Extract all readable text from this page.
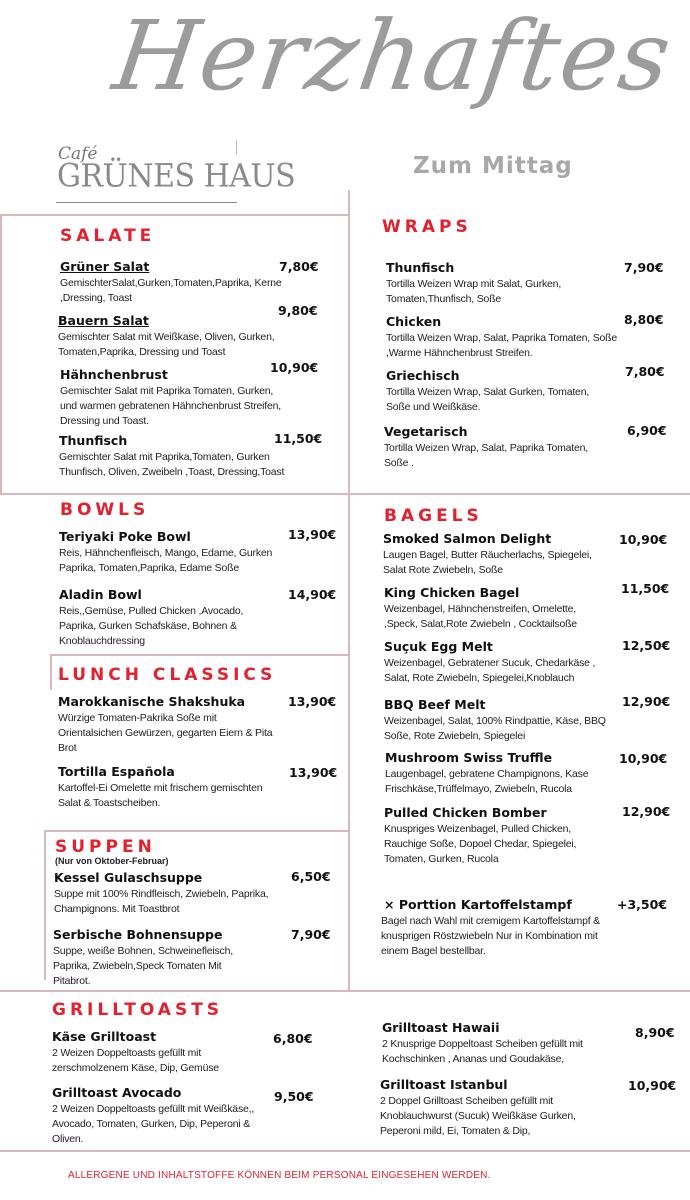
Herzhaftes
Zum Mittag
Café
GRÜNES HAUS
SALATE
BOWLS
LUNCH CLASSICS
SUPPEN
(Nur von Oktober-Februar)
WRAPS
BAGELS
GRILLTOASTS
Grüner Salat
GemischterSalat,Gurken,Tomaten,Paprika, Kerne ,Dressing, Toast
7,80€
Bauern Salat
Gemischter Salat mit Weißkase, Oliven, Gurken, Tomaten,Paprika, Dressing und Toast
9,80€
Hähnchenbrust
Gemischter Salat mit Paprika Tomaten, Gurken, und warmen gebratenen Hähnchenbrust Streifen, Dressing und Toast.
10,90€
Thunfisch
Gemischter Salat mit Paprika,Tomaten, Gurken Thunfisch, Oliven, Zweibeln ,Toast, Dressing,Toast
11,50€
Teriyaki Poke Bowl
Reis, Hähnchenfleisch, Mango, Edame, Gurken Paprika, Tomaten,Paprika, Edame Soße
13,90€
Aladin Bowl
Reis,,Gemüse, Pulled Chicken ,Avocado, Paprika, Gurken Schafskäse, Bohnen & Knoblauchdressing
14,90€
Marokkanische Shakshuka
Würzige Tomaten-Pakrika Soße mit Orientalsichen Gewürzen, gegarten Eiern & Pita Brot
13,90€
Tortilla Española
Kartoffel-Ei Omelette mit frischem gemischten Salat & Toastscheiben.
13,90€
Kessel Gulaschsuppe
Suppe mit 100% Rindfleisch, Zwiebeln, Paprika, Champignons. Mit Toastbrot
6,50€
Serbische Bohnensuppe
Suppe, weiße Bohnen, Schweinefleisch, Paprika, Zwiebeln,Speck Tomaten Mit Pitabrot.
7,90€
Thunfisch
Tortilla Weizen Wrap mit Salat, Gurken, Tomaten,Thunfisch, Soße
7,90€
Chicken
Tortilla Weizen Wrap, Salat, Paprika Tomaten, Soße ,Warme Hähnchenbrust Streifen.
8,80€
Griechisch
Tortilla Weizen Wrap, Salat Gurken, Tomaten, Soße und Weißkäse.
7,80€
Vegetarisch
Tortilla Weizen Wrap, Salat, Paprika Tomaten, Soße .
6,90€
Smoked Salmon Delight
Laugen Bagel, Butter Räucherlachs, Spiegelei, Salat Rote Zwiebeln, Soße
10,90€
King Chicken Bagel
Weizenbagel, Hähnchenstreifen, Omelette, ,Speck, Salat,Rote Zwiebeln , Cocktailsoße
11,50€
Suçuk Egg Melt
Weizenbagel, Gebratener Sucuk, Chedarkäse , Salat, Rote Zwiebeln, Spiegelei,Knoblauch
12,50€
BBQ Beef Melt
Weizenbagel, Salat, 100% Rindpattie, Käse, BBQ Soße, Rote Zwiebeln, Spiegelei
12,90€
Mushroom Swiss Truffle
Laugenbagel, gebratene Champignons, Kase Frischkäse,Trüffelmayo, Zwiebeln, Rucola
10,90€
Pulled Chicken Bomber
Knuspriges Weizenbagel, Pulled Chicken, Rauchige Soße, Dopoel Chedar, Spiegelei, Tomaten, Gurken, Rucola
12,90€
× Porttion Kartoffelstampf
Bagel nach Wahl mit cremigem Kartoffelstampf & knusprigen Röstzwiebeln Nur in Kombination mit einem Bagel bestellbar.
+3,50€
Käse Grilltoast
2 Weizen Doppeltoasts gefüllt mit zerschmolzenem Käse, Dip, Gemüse
6,80€
Grilltoast Avocado
2 Weizen Doppeltoasts gefüllt mit Weißkäse,, Avocado, Tomaten, Gurken, Dip, Peperoni & Oliven.
9,50€
Grilltoast Hawaii
2 Knusprige Doppeltoast Scheiben gefüllt mit Kochschinken , Ananas und Goudakäse,
8,90€
Grilltoast Istanbul
2 Doppel Grilltoast Scheiben gefüllt mit Knoblauchwurst (Sucuk) Weißkäse Gurken, Peperoni mild, Ei, Tomaten & Dip,
10,90€
ALLERGENE UND INHALTSTOFFE KÖNNEN BEIM PERSONAL EINGESEHEN WERDEN.
